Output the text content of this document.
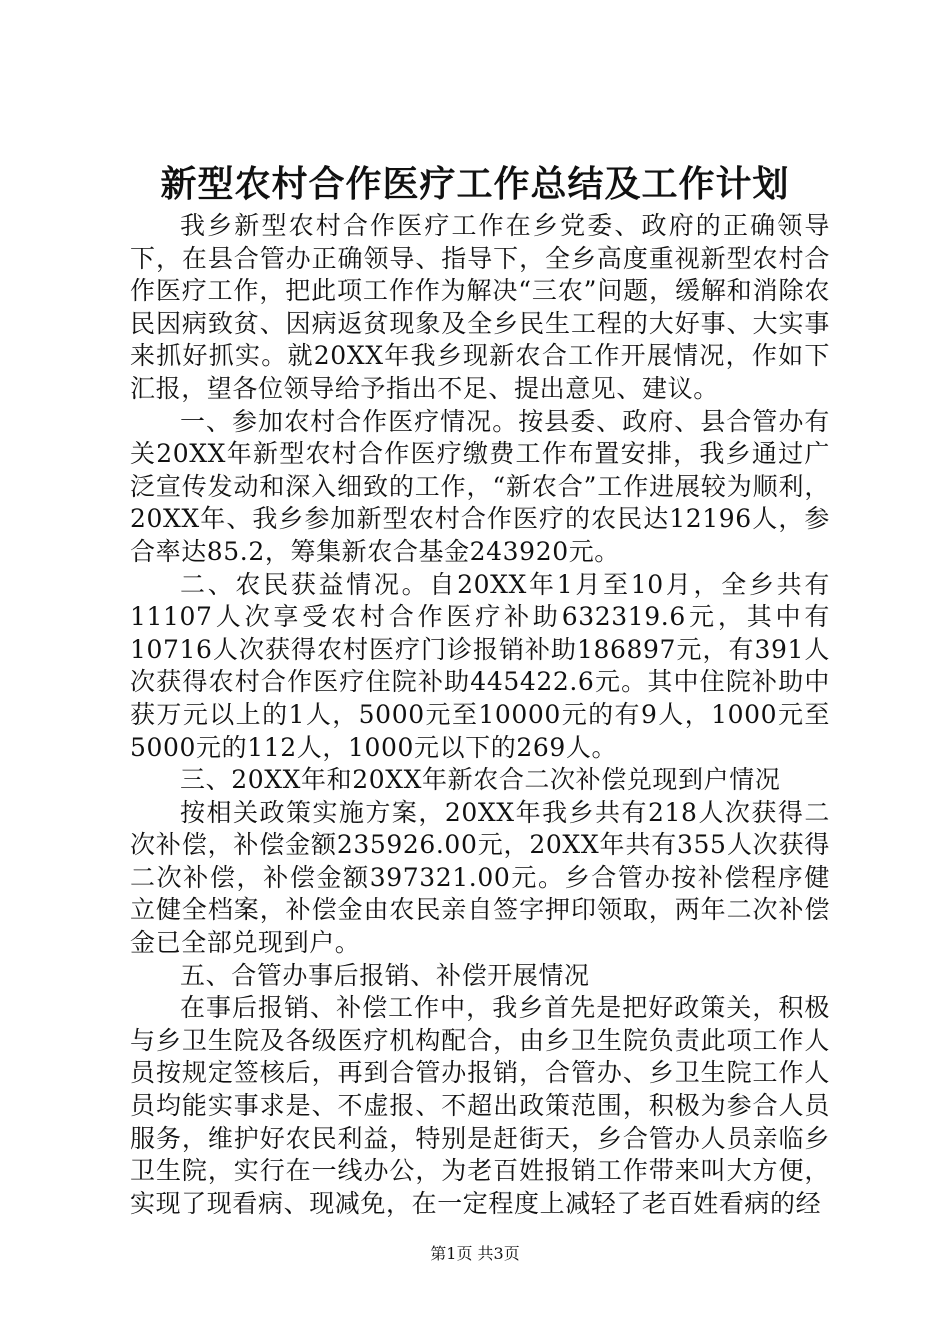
新型农村合作医疗工作总结及工作计划

我乡新型农村合作医疗工作在乡党委、政府的正确领导下，在县合管办正确领导、指导下，全乡高度重视新型农村合作医疗工作，把此项工作作为解决“三农”问题，缓解和消除农民因病致贫、因病返贫现象及全乡民生工程的大好事、大实事来抓好抓实。就20XX年我乡现新农合工作开展情况，作如下汇报，望各位领导给予指出不足、提出意见、建议。

一、参加农村合作医疗情况。按县委、政府、县合管办有关20XX年新型农村合作医疗缴费工作布置安排，我乡通过广泛宣传发动和深入细致的工作，“新农合”工作进展较为顺利，20XX年、我乡参加新型农村合作医疗的农民达12196人，参合率达85.2，筹集新农合基金243920元。

二、农民获益情况。自20XX年1月至10月，全乡共有11107人次享受农村合作医疗补助632319.6元，其中有10716人次获得农村医疗门诊报销补助186897元，有391人次获得农村合作医疗住院补助445422.6元。其中住院补助中获万元以上的1人，5000元至10000元的有9人，1000元至5000元的112人，1000元以下的269人。

三、20XX年和20XX年新农合二次补偿兑现到户情况

按相关政策实施方案，20XX年我乡共有218人次获得二次补偿，补偿金额235926.00元，20XX年共有355人次获得二次补偿，补偿金额397321.00元。乡合管办按补偿程序健立健全档案，补偿金由农民亲自签字押印领取，两年二次补偿金已全部兑现到户。

五、合管办事后报销、补偿开展情况

在事后报销、补偿工作中，我乡首先是把好政策关，积极与乡卫生院及各级医疗机构配合，由乡卫生院负责此项工作人员按规定签核后，再到合管办报销，合管办、乡卫生院工作人员均能实事求是、不虚报、不超出政策范围，积极为参合人员服务，维护好农民利益，特别是赶街天，乡合管办人员亲临乡卫生院，实行在一线办公，为老百姓报销工作带来叫大方便，实现了现看病、现减免，在一定程度上减轻了老百姓看病的经

第1页 共3页
